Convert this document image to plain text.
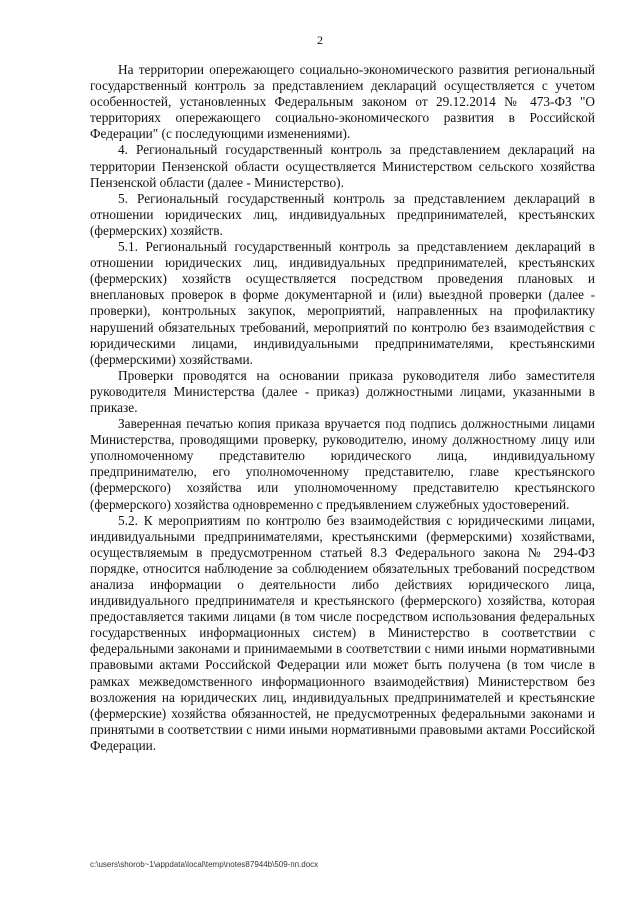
2

На территории опережающего социально-экономического развития региональный государственный контроль за представлением деклараций осуществляется с учетом особенностей, установленных Федеральным законом от 29.12.2014 № 473-ФЗ "О территориях опережающего социально-экономического развития в Российской Федерации" (с последующими изменениями).

4. Региональный государственный контроль за представлением деклараций на территории Пензенской области осуществляется Министерством сельского хозяйства Пензенской области (далее - Министерство).

5. Региональный государственный контроль за представлением деклараций в отношении юридических лиц, индивидуальных предпринимателей, крестьянских (фермерских) хозяйств.

5.1. Региональный государственный контроль за представлением деклараций в отношении юридических лиц, индивидуальных предпринимателей, крестьянских (фермерских) хозяйств осуществляется посредством проведения плановых и внеплановых проверок в форме документарной и (или) выездной проверки (далее - проверки), контрольных закупок, мероприятий, направленных на профилактику нарушений обязательных требований, мероприятий по контролю без взаимодействия с юридическими лицами, индивидуальными предпринимателями, крестьянскими (фермерскими) хозяйствами.

Проверки проводятся на основании приказа руководителя либо заместителя руководителя Министерства (далее - приказ) должностными лицами, указанными в приказе.

Заверенная печатью копия приказа вручается под подпись должностными лицами Министерства, проводящими проверку, руководителю, иному должностному лицу или уполномоченному представителю юридического лица, индивидуальному предпринимателю, его уполномоченному представителю, главе крестьянского (фермерского) хозяйства или уполномоченному представителю крестьянского (фермерского) хозяйства одновременно с предъявлением служебных удостоверений.

5.2. К мероприятиям по контролю без взаимодействия с юридическими лицами, индивидуальными предпринимателями, крестьянскими (фермерскими) хозяйствами, осуществляемым в предусмотренном статьей 8.3 Федерального закона № 294-ФЗ порядке, относится наблюдение за соблюдением обязательных требований посредством анализа информации о деятельности либо действиях юридического лица, индивидуального предпринимателя и крестьянского (фермерского) хозяйства, которая предоставляется такими лицами (в том числе посредством использования федеральных государственных информационных систем) в Министерство в соответствии с федеральными законами и принимаемыми в соответствии с ними иными нормативными правовыми актами Российской Федерации или может быть получена (в том числе в рамках межведомственного информационного взаимодействия) Министерством без возложения на юридических лиц, индивидуальных предпринимателей и крестьянские (фермерские) хозяйства обязанностей, не предусмотренных федеральными законами и принятыми в соответствии с ними иными нормативными правовыми актами Российской Федерации.

c:\users\shorob~1\appdata\local\temp\notes87944b\509-пп.docx
